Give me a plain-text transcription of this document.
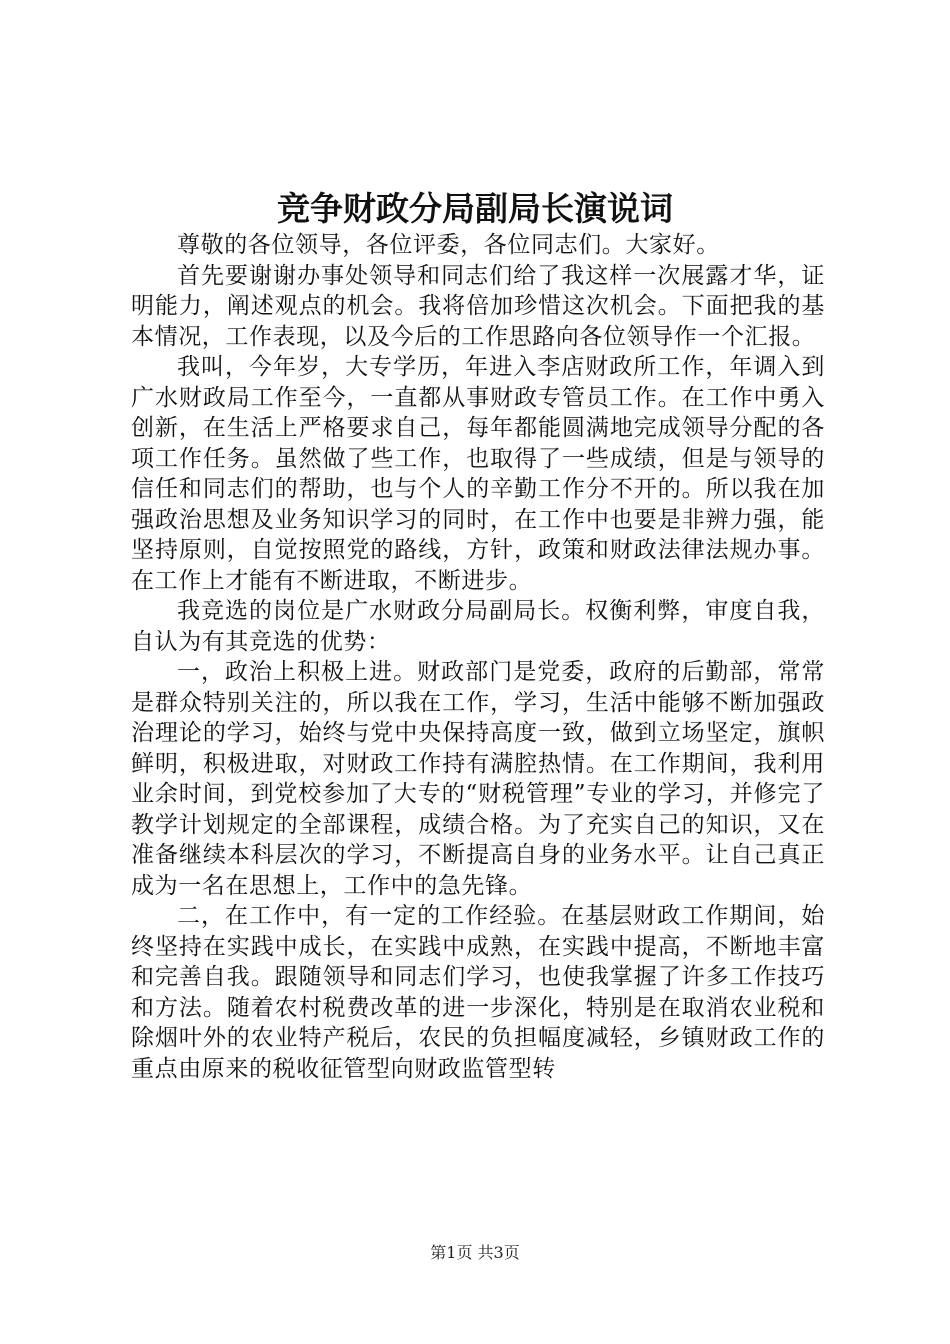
竞争财政分局副局长演说词

尊敬的各位领导，各位评委，各位同志们。大家好。

首先要谢谢办事处领导和同志们给了我这样一次展露才华，证明能力，阐述观点的机会。我将倍加珍惜这次机会。下面把我的基本情况，工作表现，以及今后的工作思路向各位领导作一个汇报。

我叫，今年岁，大专学历，年进入李店财政所工作，年调入到广水财政局工作至今，一直都从事财政专管员工作。在工作中勇入创新，在生活上严格要求自己，每年都能圆满地完成领导分配的各项工作任务。虽然做了些工作，也取得了一些成绩，但是与领导的信任和同志们的帮助，也与个人的辛勤工作分不开的。所以我在加强政治思想及业务知识学习的同时，在工作中也要是非辨力强，能坚持原则，自觉按照党的路线，方针，政策和财政法律法规办事。在工作上才能有不断进取，不断进步。

我竞选的岗位是广水财政分局副局长。权衡利弊，审度自我，自认为有其竞选的优势：

一，政治上积极上进。财政部门是党委，政府的后勤部，常常是群众特别关注的，所以我在工作，学习，生活中能够不断加强政治理论的学习，始终与党中央保持高度一致，做到立场坚定，旗帜鲜明，积极进取，对财政工作持有满腔热情。在工作期间，我利用业余时间，到党校参加了大专的“财税管理”专业的学习，并修完了教学计划规定的全部课程，成绩合格。为了充实自己的知识，又在准备继续本科层次的学习，不断提高自身的业务水平。让自己真正成为一名在思想上，工作中的急先锋。

二，在工作中，有一定的工作经验。在基层财政工作期间，始终坚持在实践中成长，在实践中成熟，在实践中提高，不断地丰富和完善自我。跟随领导和同志们学习，也使我掌握了许多工作技巧和方法。随着农村税费改革的进一步深化，特别是在取消农业税和除烟叶外的农业特产税后，农民的负担幅度减轻，乡镇财政工作的重点由原来的税收征管型向财政监管型转

第1页 共3页
